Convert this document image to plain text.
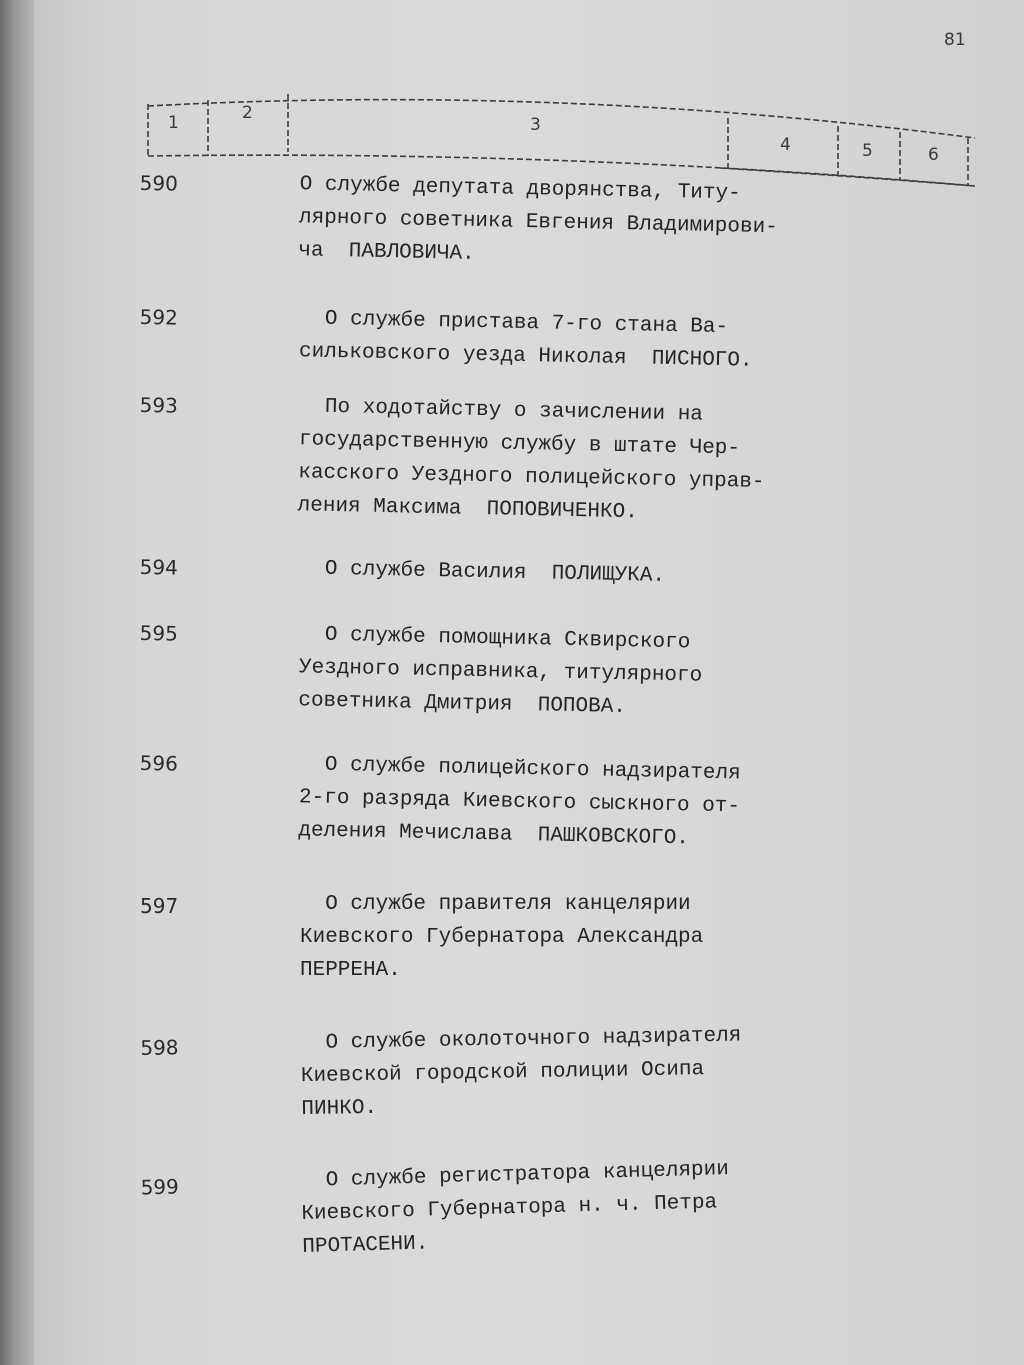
81
1	2
3
4	5	6
590	О службе депутата дворянства, Титу-
лярного советника Евгения Владимирови-
ча  ПАВЛОВИЧА.
592	О службе пристава 7-го стана Ва-
сильковского уезда Николая  ПИСНОГО.
593	По ходотайству о зачислении на
государственную службу в штате Чер-
касского Уездного полицейского управ-
ления Максима  ПОПОВИЧЕНКО.
594	О службе Василия  ПОЛИЩУКА.
595	О службе помощника Сквирского
Уездного исправника, титулярного
советника Дмитрия  ПОПОВА.
596	О службе полицейского надзирателя
2-го разряда Киевского сыскного от-
деления Мечислава  ПАШКОВСКОГО.
597	О службе правителя канцелярии
Киевского Губернатора Александра
ПЕРРЕНА.
598	О службе околоточного надзирателя
Киевской городской полиции Осипа
ПИНКО.
599	О службе регистратора канцелярии
Киевского Губернатора н. ч. Петра
ПРОТАСЕНИ.
